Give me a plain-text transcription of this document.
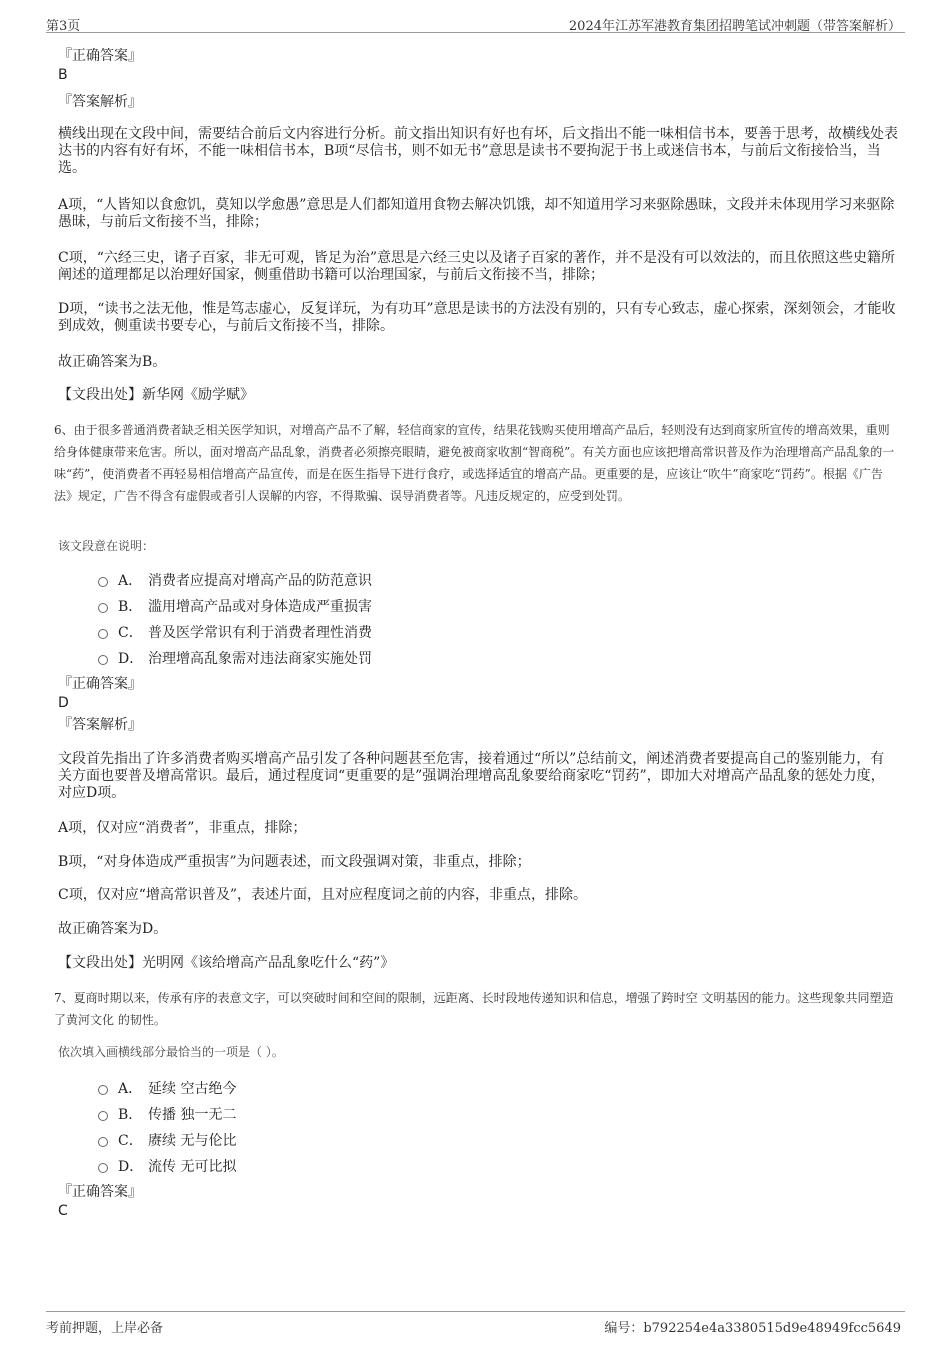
第3页	2024年江苏军港教育集团招聘笔试冲刺题（带答案解析）
『正确答案』
B
『答案解析』
横线出现在文段中间，需要结合前后文内容进行分析。前文指出知识有好也有坏，后文指出不能一味相信书本，要善于思考，故横线处表达书的内容有好有坏，不能一味相信书本，B项“尽信书，则不如无书”意思是读书不要拘泥于书上或迷信书本，与前后文衔接恰当，当选。
A项，“人皆知以食愈饥，莫知以学愈愚”意思是人们都知道用食物去解决饥饿，却不知道用学习来驱除愚昧，文段并未体现用学习来驱除愚昧，与前后文衔接不当，排除；
C项，“六经三史，诸子百家，非无可观，皆足为治”意思是六经三史以及诸子百家的著作，并不是没有可以效法的，而且依照这些史籍所阐述的道理都足以治理好国家，侧重借助书籍可以治理国家，与前后文衔接不当，排除；
D项，“读书之法无他，惟是笃志虚心，反复详玩，为有功耳”意思是读书的方法没有别的，只有专心致志，虚心探索，深刻领会，才能收到成效，侧重读书要专心，与前后文衔接不当，排除。
故正确答案为B。
【文段出处】新华网《励学赋》
6、由于很多普通消费者缺乏相关医学知识，对增高产品不了解，轻信商家的宣传，结果花钱购买使用增高产品后，轻则没有达到商家所宣传的增高效果，重则给身体健康带来危害。所以，面对增高产品乱象，消费者必须擦亮眼睛，避免被商家收割“智商税”。有关方面也应该把增高常识普及作为治理增高产品乱象的一味“药”，使消费者不再轻易相信增高产品宣传，而是在医生指导下进行食疗，或选择适宜的增高产品。更重要的是，应该让“吹牛”商家吃“罚药”。根据《广告法》规定，广告不得含有虚假或者引人误解的内容，不得欺骗、误导消费者等。凡违反规定的，应受到处罚。
该文段意在说明：
A． 消费者应提高对增高产品的防范意识
B． 滥用增高产品或对身体造成严重损害
C． 普及医学常识有利于消费者理性消费
D． 治理增高乱象需对违法商家实施处罚
『正确答案』
D
『答案解析』
文段首先指出了许多消费者购买增高产品引发了各种问题甚至危害，接着通过“所以”总结前文，阐述消费者要提高自己的鉴别能力，有关方面也要普及增高常识。最后，通过程度词“更重要的是”强调治理增高乱象要给商家吃“罚药”，即加大对增高产品乱象的惩处力度，对应D项。
A项，仅对应“消费者”，非重点，排除；
B项，“对身体造成严重损害”为问题表述，而文段强调对策，非重点，排除；
C项，仅对应“增高常识普及”，表述片面，且对应程度词之前的内容，非重点，排除。
故正确答案为D。
【文段出处】光明网《该给增高产品乱象吃什么“药”》
7、夏商时期以来，传承有序的表意文字，可以突破时间和空间的限制，远距离、长时段地传递知识和信息，增强了跨时空 文明基因的能力。这些现象共同塑造了黄河文化 的韧性。
依次填入画横线部分最恰当的一项是（ ）。
A． 延续 空古绝今
B． 传播 独一无二
C． 赓续 无与伦比
D． 流传 无可比拟
『正确答案』
C
考前押题，上岸必备	编号：b792254e4a3380515d9e48949fcc5649
